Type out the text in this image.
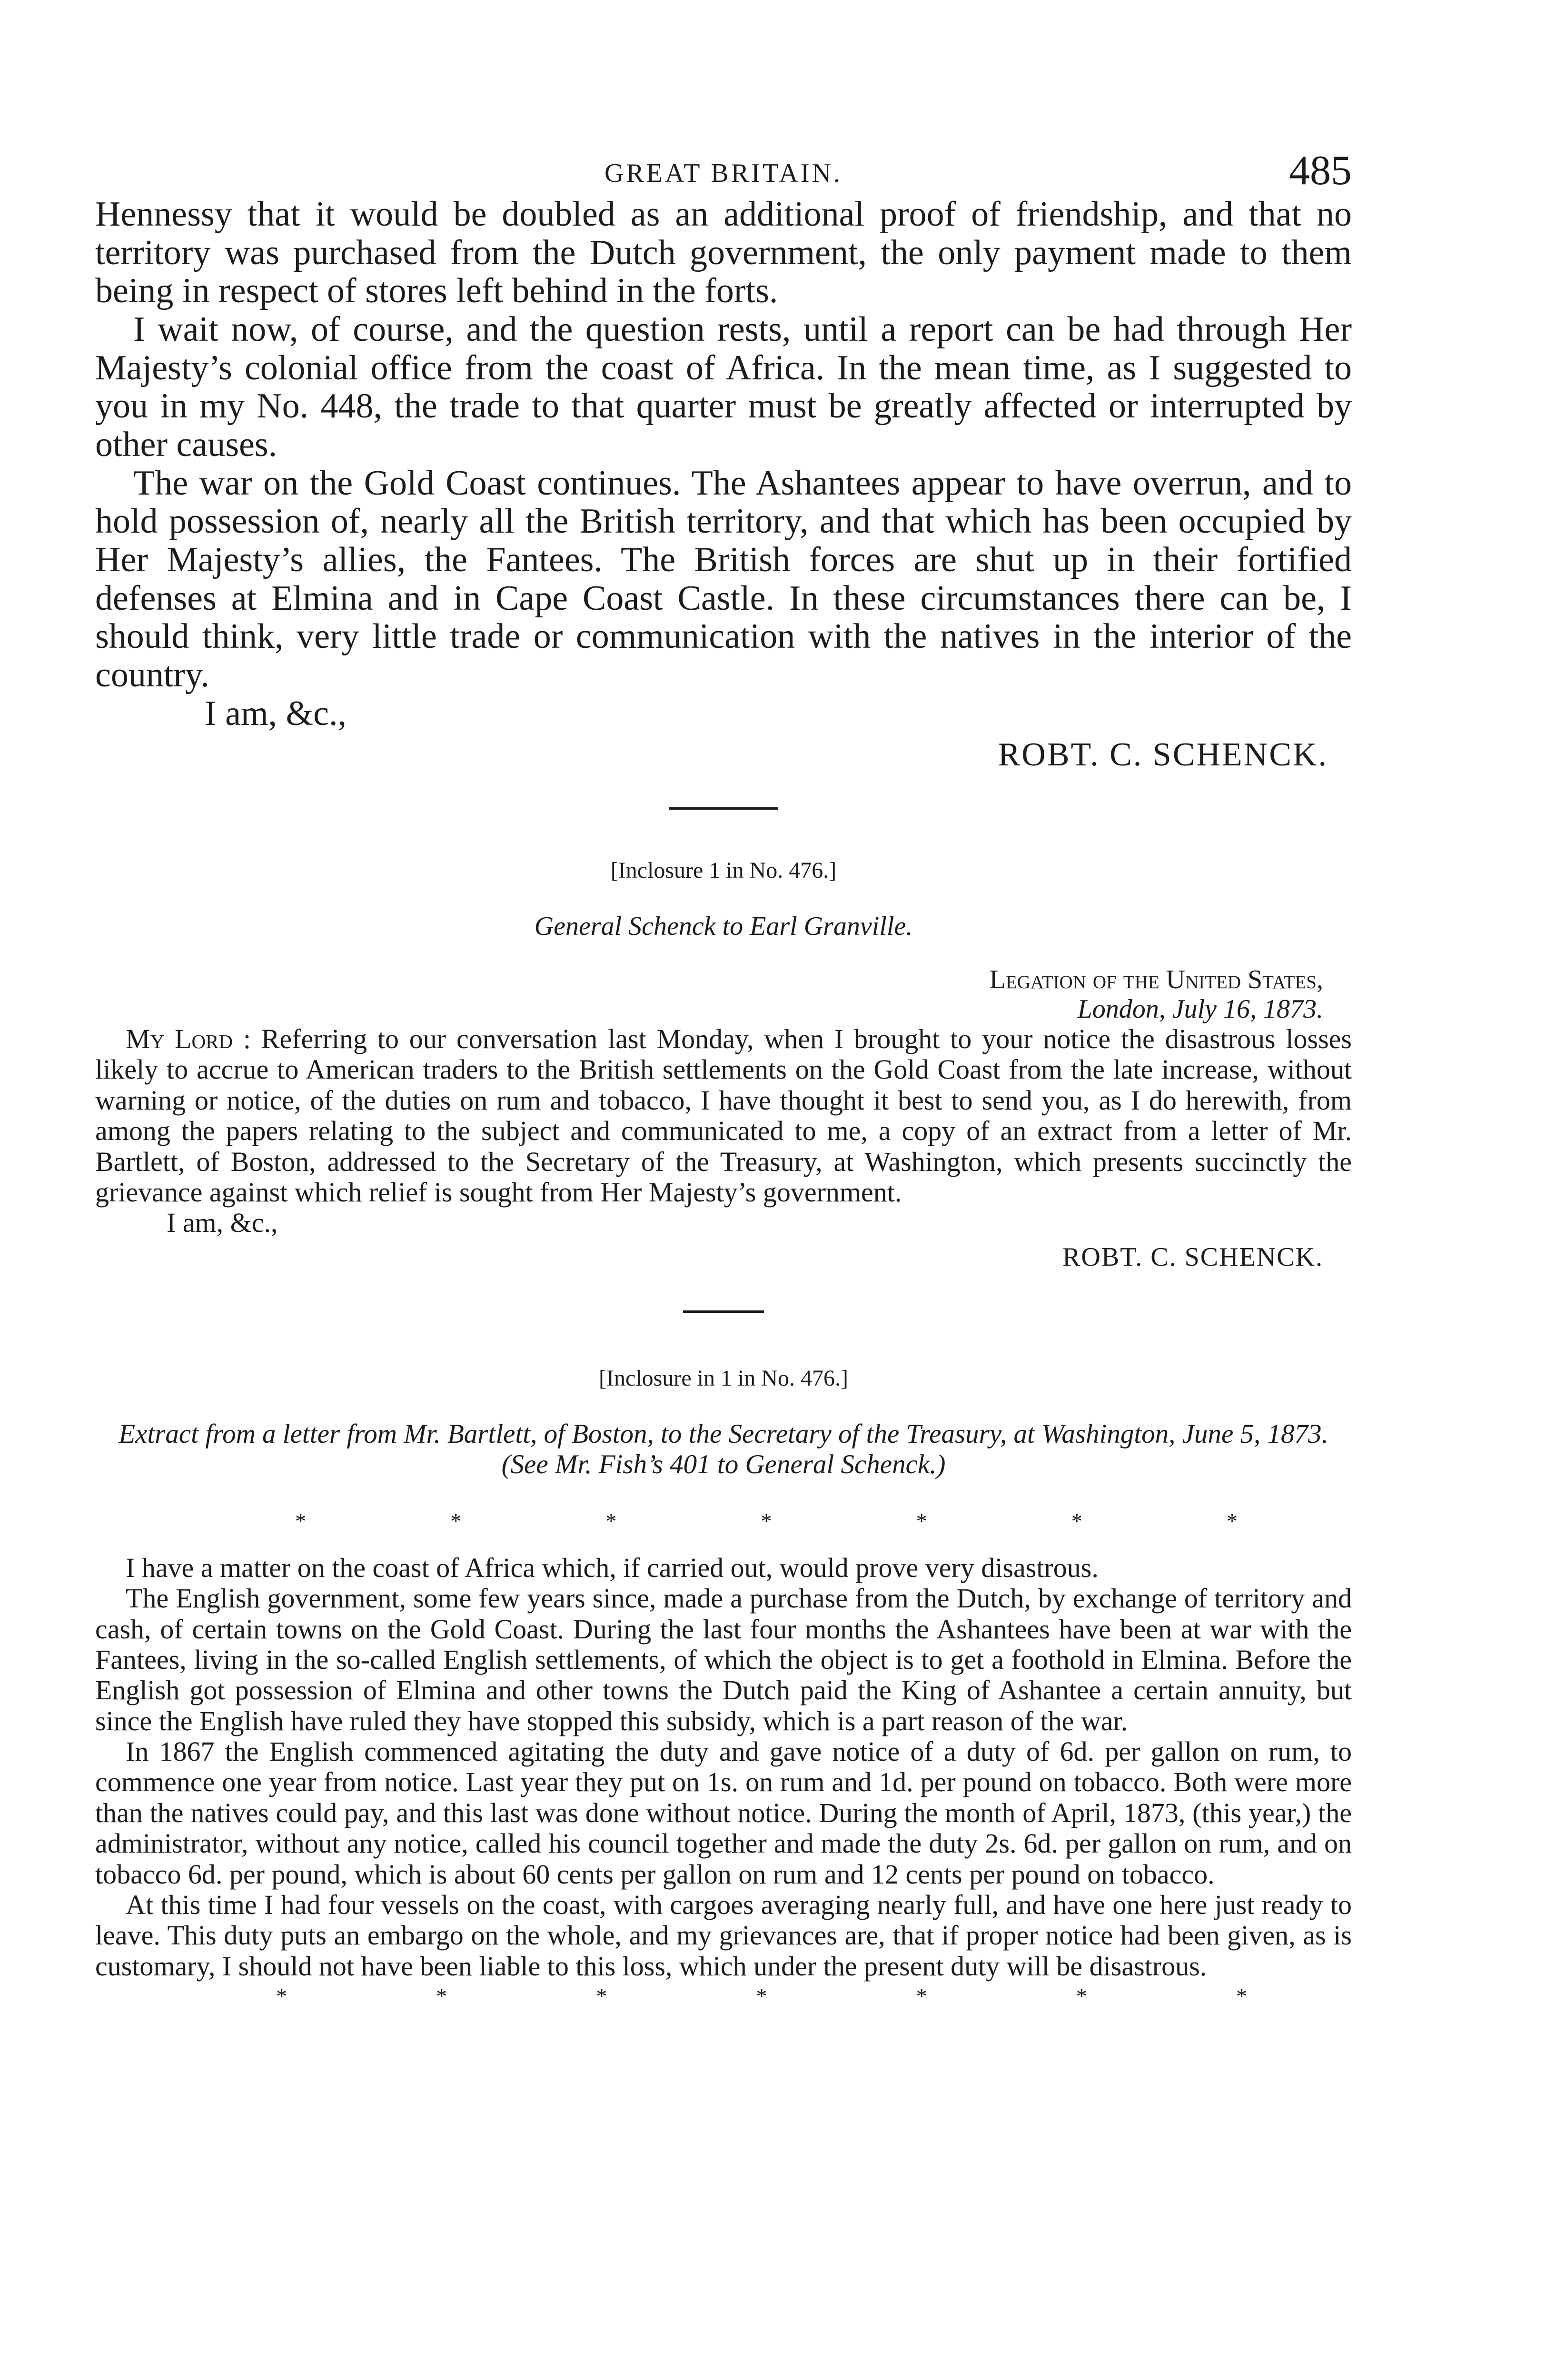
GREAT BRITAIN.	485

Hennessy that it would be doubled as an additional proof of friendship, and that no territory was purchased from the Dutch government, the only payment made to them being in respect of stores left behind in the forts.

I wait now, of course, and the question rests, until a report can be had through Her Majesty’s colonial office from the coast of Africa. In the mean time, as I suggested to you in my No. 448, the trade to that quarter must be greatly affected or interrupted by other causes.

The war on the Gold Coast continues. The Ashantees appear to have overrun, and to hold possession of, nearly all the British territory, and that which has been occupied by Her Majesty’s allies, the Fantees. The British forces are shut up in their fortified defenses at Elmina and in Cape Coast Castle. In these circumstances there can be, I should think, very little trade or communication with the natives in the interior of the country.

I am, &c.,

ROBT. C. SCHENCK.

[Inclosure 1 in No. 476.]

General Schenck to Earl Granville.

Legation of the United States,
London, July 16, 1873.

My Lord : Referring to our conversation last Monday, when I brought to your notice the disastrous losses likely to accrue to American traders to the British settlements on the Gold Coast from the late increase, without warning or notice, of the duties on rum and tobacco, I have thought it best to send you, as I do herewith, from among the papers relating to the subject and communicated to me, a copy of an extract from a letter of Mr. Bartlett, of Boston, addressed to the Secretary of the Treasury, at Washington, which presents succinctly the grievance against which relief is sought from Her Majesty’s government.

I am, &c.,

ROBT. C. SCHENCK.

[Inclosure in 1 in No. 476.]

Extract from a letter from Mr. Bartlett, of Boston, to the Secretary of the Treasury, at Washington, June 5, 1873. (See Mr. Fish’s 401 to General Schenck.)

*	*	*	*	*	*	*

I have a matter on the coast of Africa which, if carried out, would prove very disastrous.

The English government, some few years since, made a purchase from the Dutch, by exchange of territory and cash, of certain towns on the Gold Coast. During the last four months the Ashantees have been at war with the Fantees, living in the so-called English settlements, of which the object is to get a foothold in Elmina. Before the English got possession of Elmina and other towns the Dutch paid the King of Ashantee a certain annuity, but since the English have ruled they have stopped this subsidy, which is a part reason of the war.

In 1867 the English commenced agitating the duty and gave notice of a duty of 6d. per gallon on rum, to commence one year from notice. Last year they put on 1s. on rum and 1d. per pound on tobacco. Both were more than the natives could pay, and this last was done without notice. During the month of April, 1873, (this year,) the administrator, without any notice, called his council together and made the duty 2s. 6d. per gallon on rum, and on tobacco 6d. per pound, which is about 60 cents per gallon on rum and 12 cents per pound on tobacco.

At this time I had four vessels on the coast, with cargoes averaging nearly full, and have one here just ready to leave. This duty puts an embargo on the whole, and my grievances are, that if proper notice had been given, as is customary, I should not have been liable to this loss, which under the present duty will be disastrous.

*	*	*	*	*	*	*
